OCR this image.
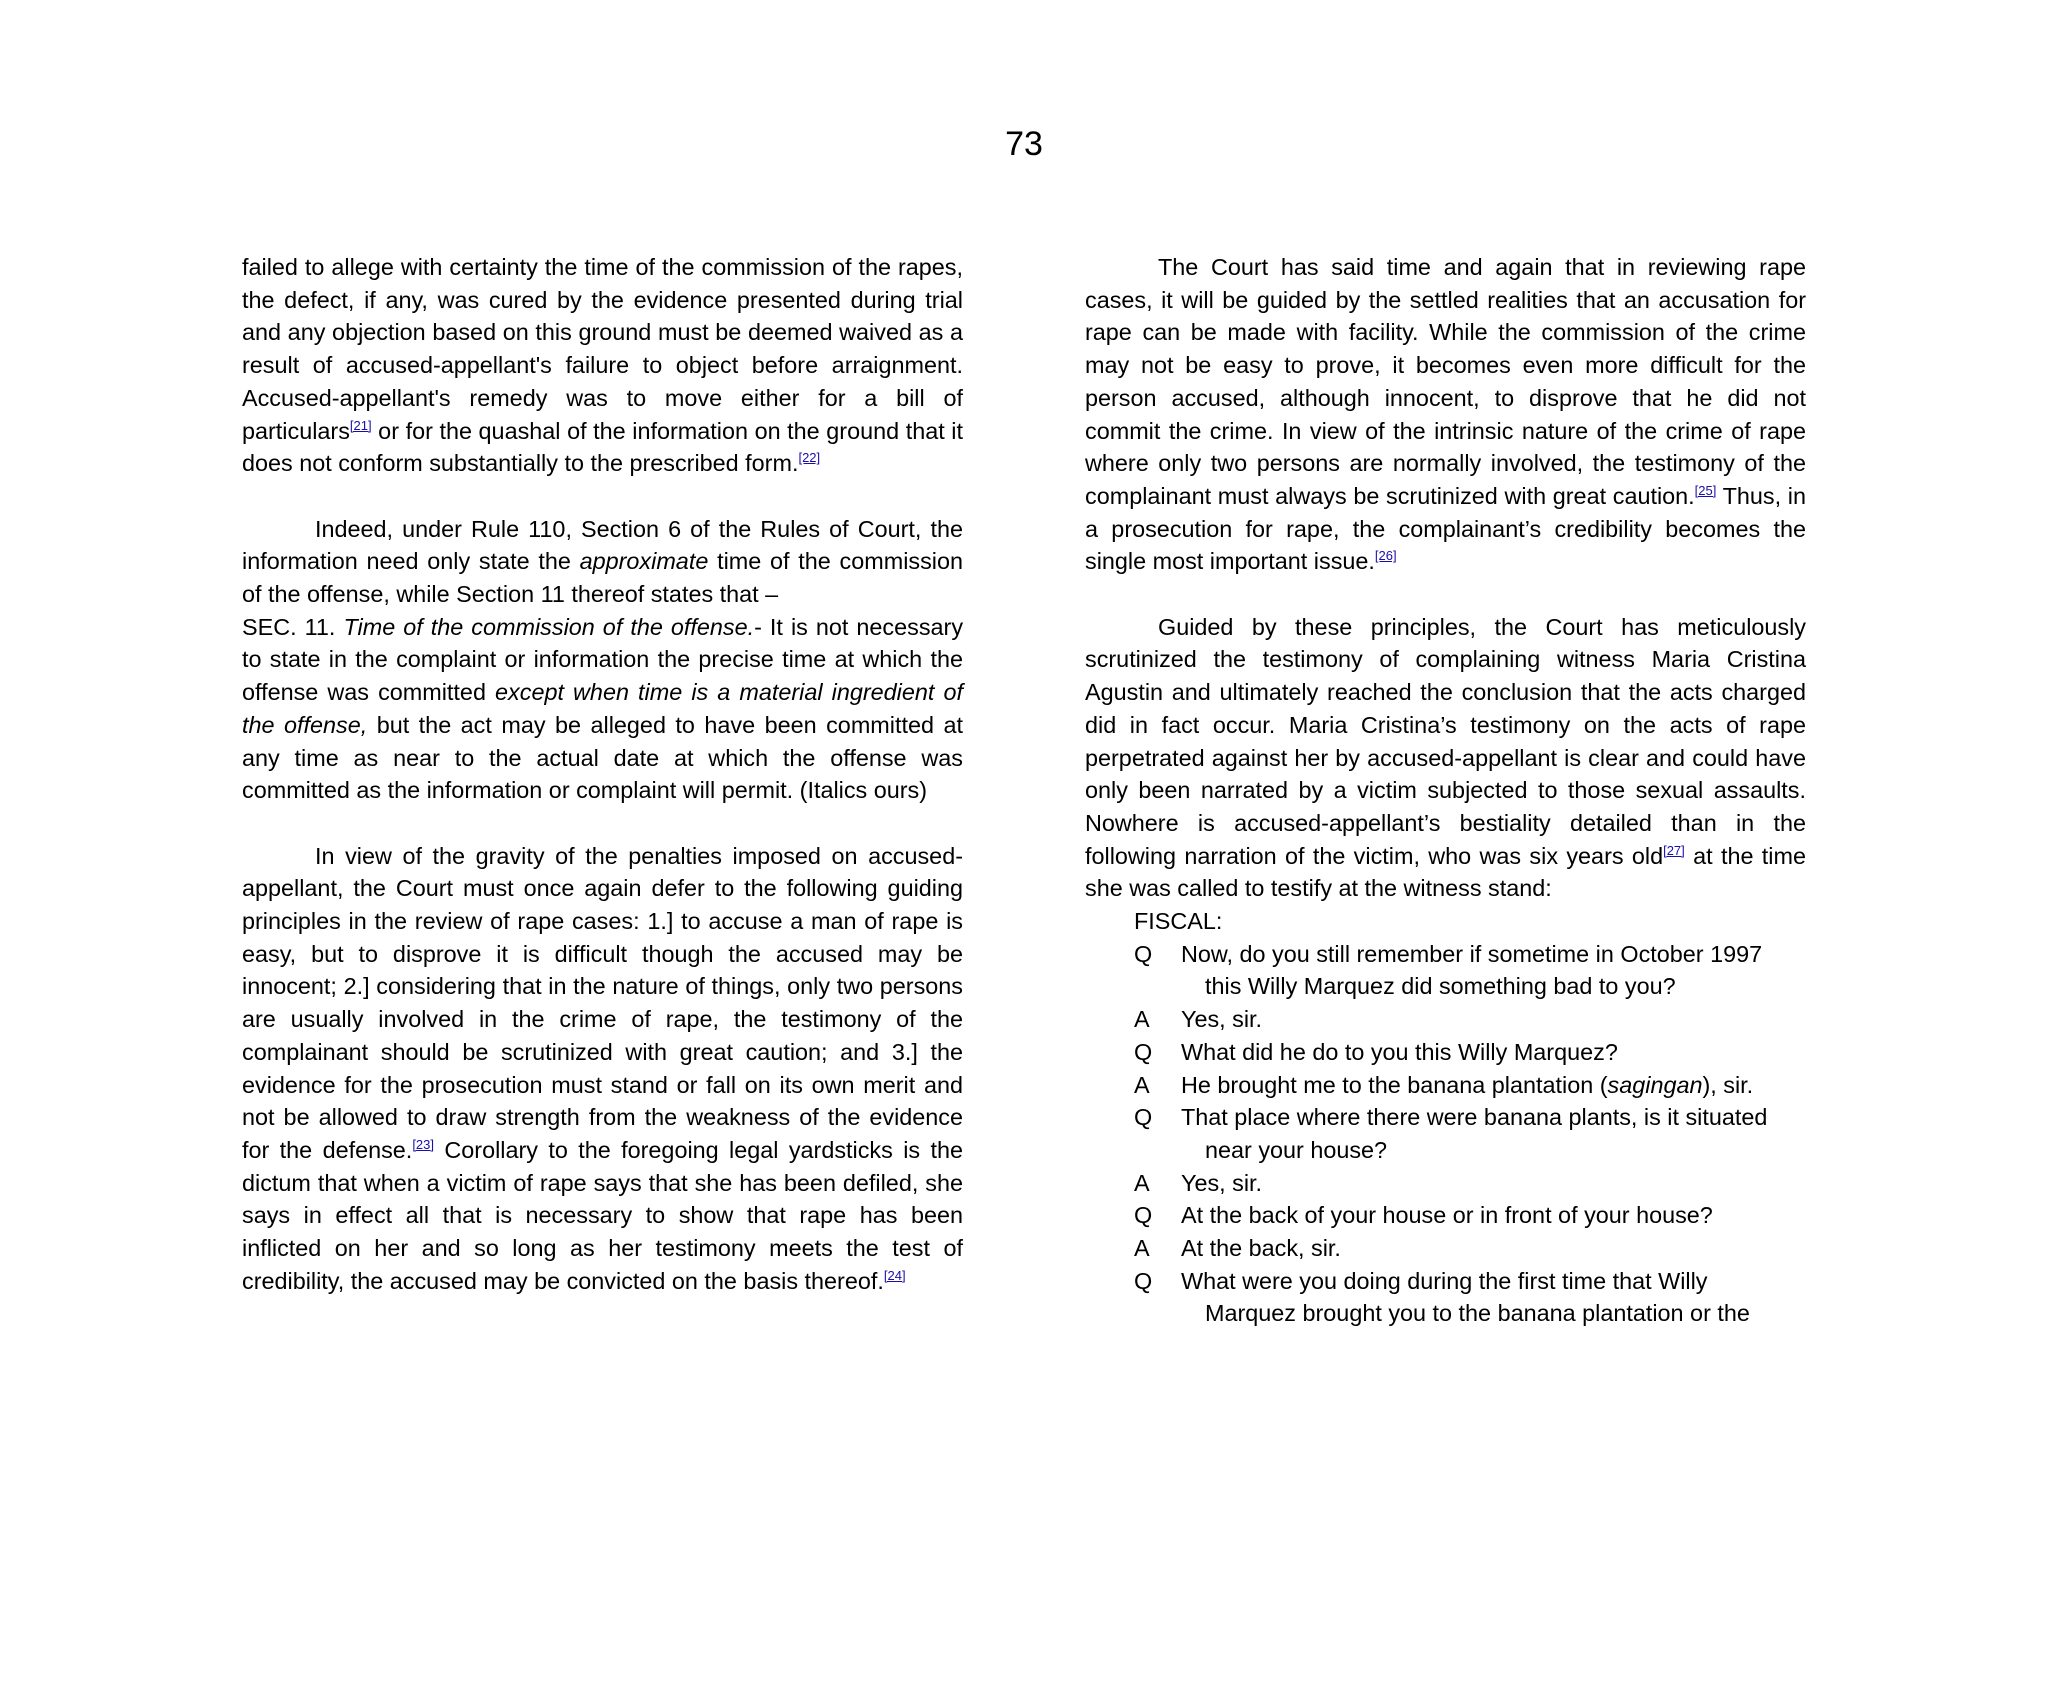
73

failed to allege with certainty the time of the commission of the rapes, the defect, if any, was cured by the evidence presented during trial and any objection based on this ground must be deemed waived as a result of accused-appellant's failure to object before arraignment. Accused-appellant's remedy was to move either for a bill of particulars[21] or for the quashal of the information on the ground that it does not conform substantially to the prescribed form.[22]

Indeed, under Rule 110, Section 6 of the Rules of Court, the information need only state the approximate time of the commission of the offense, while Section 11 thereof states that –

SEC. 11. Time of the commission of the offense.- It is not necessary to state in the complaint or information the precise time at which the offense was committed except when time is a material ingredient of the offense, but the act may be alleged to have been committed at any time as near to the actual date at which the offense was committed as the information or complaint will permit. (Italics ours)

In view of the gravity of the penalties imposed on accused-appellant, the Court must once again defer to the following guiding principles in the review of rape cases: 1.] to accuse a man of rape is easy, but to disprove it is difficult though the accused may be innocent; 2.] considering that in the nature of things, only two persons are usually involved in the crime of rape, the testimony of the complainant should be scrutinized with great caution; and 3.] the evidence for the prosecution must stand or fall on its own merit and not be allowed to draw strength from the weakness of the evidence for the defense.[23] Corollary to the foregoing legal yardsticks is the dictum that when a victim of rape says that she has been defiled, she says in effect all that is necessary to show that rape has been inflicted on her and so long as her testimony meets the test of credibility, the accused may be convicted on the basis thereof.[24]

The Court has said time and again that in reviewing rape cases, it will be guided by the settled realities that an accusation for rape can be made with facility. While the commission of the crime may not be easy to prove, it becomes even more difficult for the person accused, although innocent, to disprove that he did not commit the crime. In view of the intrinsic nature of the crime of rape where only two persons are normally involved, the testimony of the complainant must always be scrutinized with great caution.[25] Thus, in a prosecution for rape, the complainant’s credibility becomes the single most important issue.[26]

Guided by these principles, the Court has meticulously scrutinized the testimony of complaining witness Maria Cristina Agustin and ultimately reached the conclusion that the acts charged did in fact occur. Maria Cristina’s testimony on the acts of rape perpetrated against her by accused-appellant is clear and could have only been narrated by a victim subjected to those sexual assaults. Nowhere is accused-appellant’s bestiality detailed than in the following narration of the victim, who was six years old[27] at the time she was called to testify at the witness stand:

FISCAL:

Q	Now, do you still remember if sometime in October 1997
this Willy Marquez did something bad to you?
A	Yes, sir.
Q	What did he do to you this Willy Marquez?
A	He brought me to the banana plantation (sagingan), sir.
Q	That place where there were banana plants, is it situated
near your house?
A	Yes, sir.
Q	At the back of your house or in front of your house?
A	At the back, sir.
Q	What were you doing during the first time that Willy
Marquez brought you to the banana plantation or the
